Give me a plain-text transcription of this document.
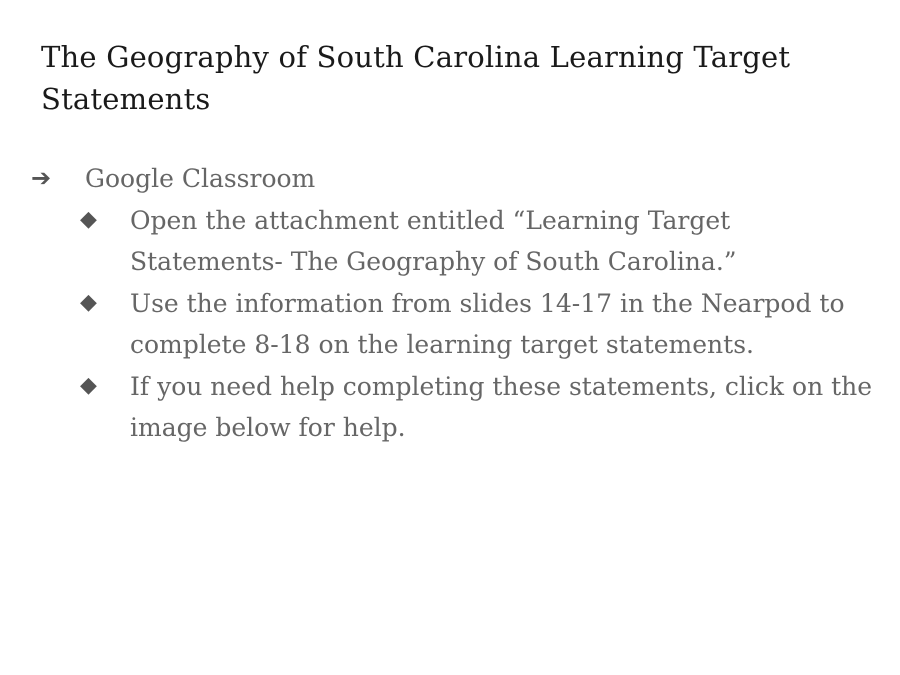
The Geography of South Carolina Learning Target Statements
➔ Google Classroom
◆ Open the attachment entitled “Learning Target Statements- The Geography of South Carolina.”
◆ Use the information from slides 14-17 in the Nearpod to complete 8-18 on the learning target statements.
◆ If you need help completing these statements, click on the image below for help.
